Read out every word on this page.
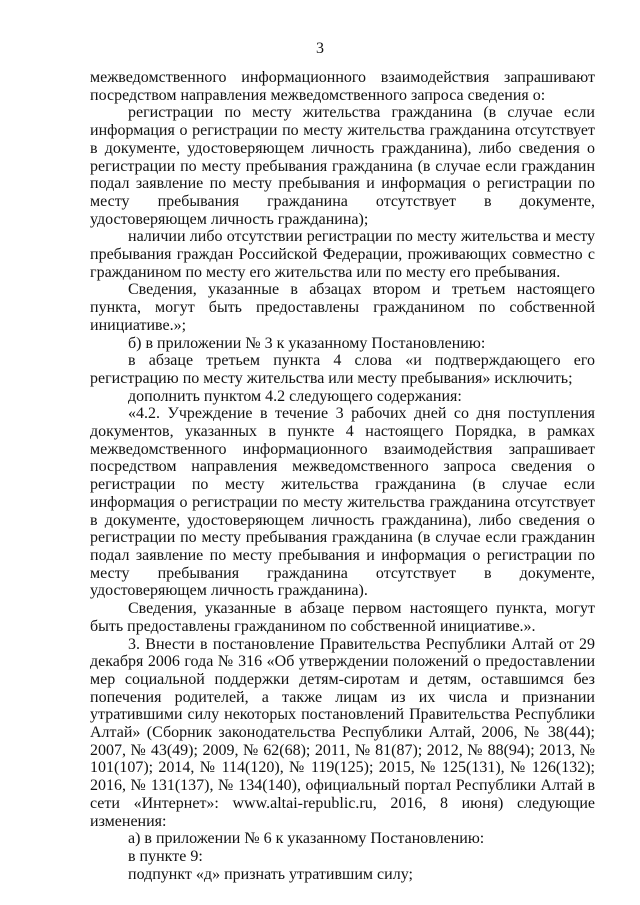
3

межведомственного информационного взаимодействия запрашивают посредством направления межведомственного запроса сведения о:

регистрации по месту жительства гражданина (в случае если информация о регистрации по месту жительства гражданина отсутствует в документе, удостоверяющем личность гражданина), либо сведения о регистрации по месту пребывания гражданина (в случае если гражданин подал заявление по месту пребывания и информация о регистрации по месту пребывания гражданина отсутствует в документе, удостоверяющем личность гражданина);

наличии либо отсутствии регистрации по месту жительства и месту пребывания граждан Российской Федерации, проживающих совместно с гражданином по месту его жительства или по месту его пребывания.

Сведения, указанные в абзацах втором и третьем настоящего пункта, могут быть предоставлены гражданином по собственной инициативе.»;

б) в приложении № 3 к указанному Постановлению:

в абзаце третьем пункта 4 слова «и подтверждающего его регистрацию по месту жительства или месту пребывания» исключить;

дополнить пунктом 4.2 следующего содержания:

«4.2. Учреждение в течение 3 рабочих дней со дня поступления документов, указанных в пункте 4 настоящего Порядка, в рамках межведомственного информационного взаимодействия запрашивает посредством направления межведомственного запроса сведения о регистрации по месту жительства гражданина (в случае если информация о регистрации по месту жительства гражданина отсутствует в документе, удостоверяющем личность гражданина), либо сведения о регистрации по месту пребывания гражданина (в случае если гражданин подал заявление по месту пребывания и информация о регистрации по месту пребывания гражданина отсутствует в документе, удостоверяющем личность гражданина).

Сведения, указанные в абзаце первом настоящего пункта, могут быть предоставлены гражданином по собственной инициативе.».

3. Внести в постановление Правительства Республики Алтай от 29 декабря 2006 года № 316 «Об утверждении положений о предоставлении мер социальной поддержки детям-сиротам и детям, оставшимся без попечения родителей, а также лицам из их числа и признании утратившими силу некоторых постановлений Правительства Республики Алтай» (Сборник законодательства Республики Алтай, 2006, № 38(44); 2007, № 43(49); 2009, № 62(68); 2011, № 81(87); 2012, № 88(94); 2013, № 101(107); 2014, № 114(120), № 119(125); 2015, № 125(131), № 126(132); 2016, № 131(137), № 134(140), официальный портал Республики Алтай в сети «Интернет»: www.altai-republic.ru, 2016, 8 июня) следующие изменения:

а) в приложении № 6 к указанному Постановлению:

в пункте 9:

подпункт «д» признать утратившим силу;
